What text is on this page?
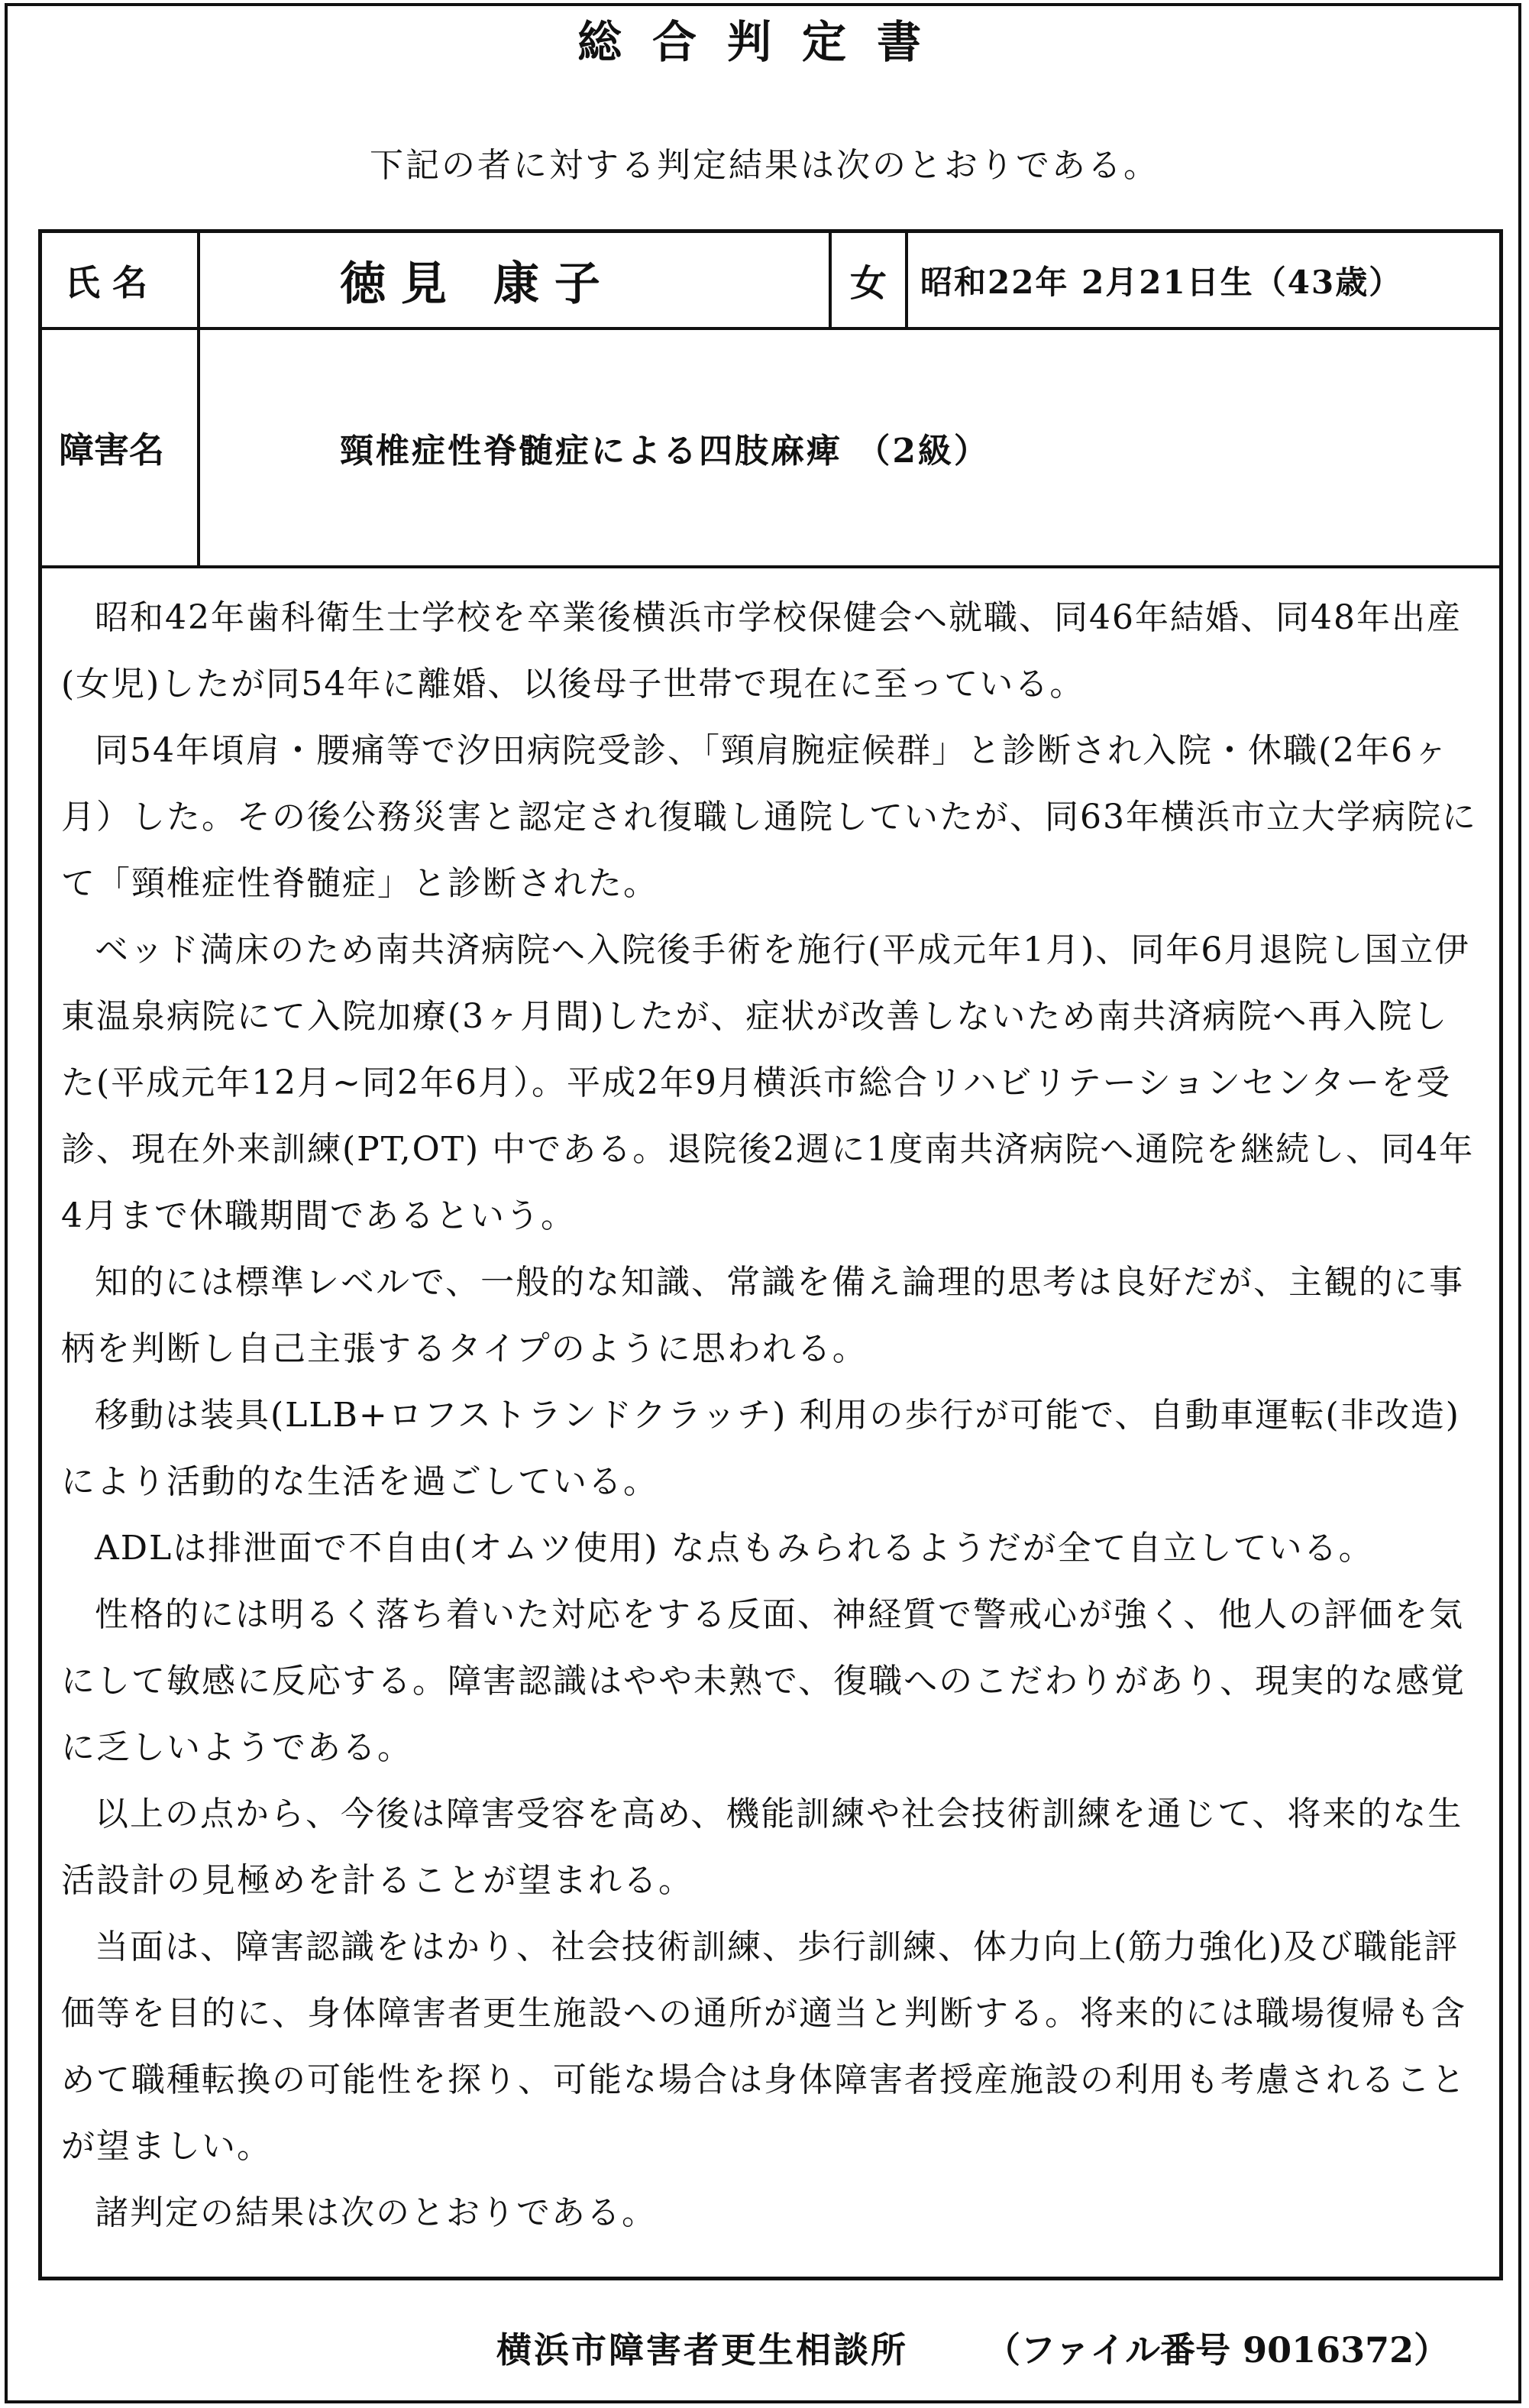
総合判定書
下記の者に対する判定結果は次のとおりである。
氏 名	徳見 康子	女 昭和22年 2月21日生（43歳）
障害名	頸椎症性脊髄症による四肢麻痺 （2級）

昭和42年歯科衛生士学校を卒業後横浜市学校保健会へ就職、同46年結婚、同48年出産(女児)したが同54年に離婚、以後母子世帯で現在に至っている。

同54年頃肩・腰痛等で汐田病院受診、「頸肩腕症候群」と診断され入院・休職(2年6ヶ月）した。その後公務災害と認定され復職し通院していたが、同63年横浜市立大学病院にて「頸椎症性脊髄症」と診断された。

ベッド満床のため南共済病院へ入院後手術を施行(平成元年1月)、同年6月退院し国立伊東温泉病院にて入院加療(3ヶ月間)したが、症状が改善しないため南共済病院へ再入院した(平成元年12月~同2年6月）。平成2年9月横浜市総合リハビリテーションセンターを受診、現在外来訓練(PT,OT) 中である。退院後2週に1度南共済病院へ通院を継続し、同4年4月まで休職期間であるという。

知的には標準レベルで、一般的な知識、常識を備え論理的思考は良好だが、主観的に事柄を判断し自己主張するタイプのように思われる。

移動は装具(LLB+ロフストランドクラッチ) 利用の歩行が可能で、自動車運転(非改造) により活動的な生活を過ごしている。

ADLは排泄面で不自由(オムツ使用) な点もみられるようだが全て自立している。

性格的には明るく落ち着いた対応をする反面、神経質で警戒心が強く、他人の評価を気にして敏感に反応する。障害認識はやや未熟で、復職へのこだわりがあり、現実的な感覚に乏しいようである。

以上の点から、今後は障害受容を高め、機能訓練や社会技術訓練を通じて、将来的な生活設計の見極めを計ることが望まれる。

当面は、障害認識をはかり、社会技術訓練、歩行訓練、体力向上(筋力強化)及び職能評価等を目的に、身体障害者更生施設への通所が適当と判断する。将来的には職場復帰も含めて職種転換の可能性を探り、可能な場合は身体障害者授産施設の利用も考慮されることが望ましい。

諸判定の結果は次のとおりである。

横浜市障害者更生相談所 （ファイル番号 9016372）
